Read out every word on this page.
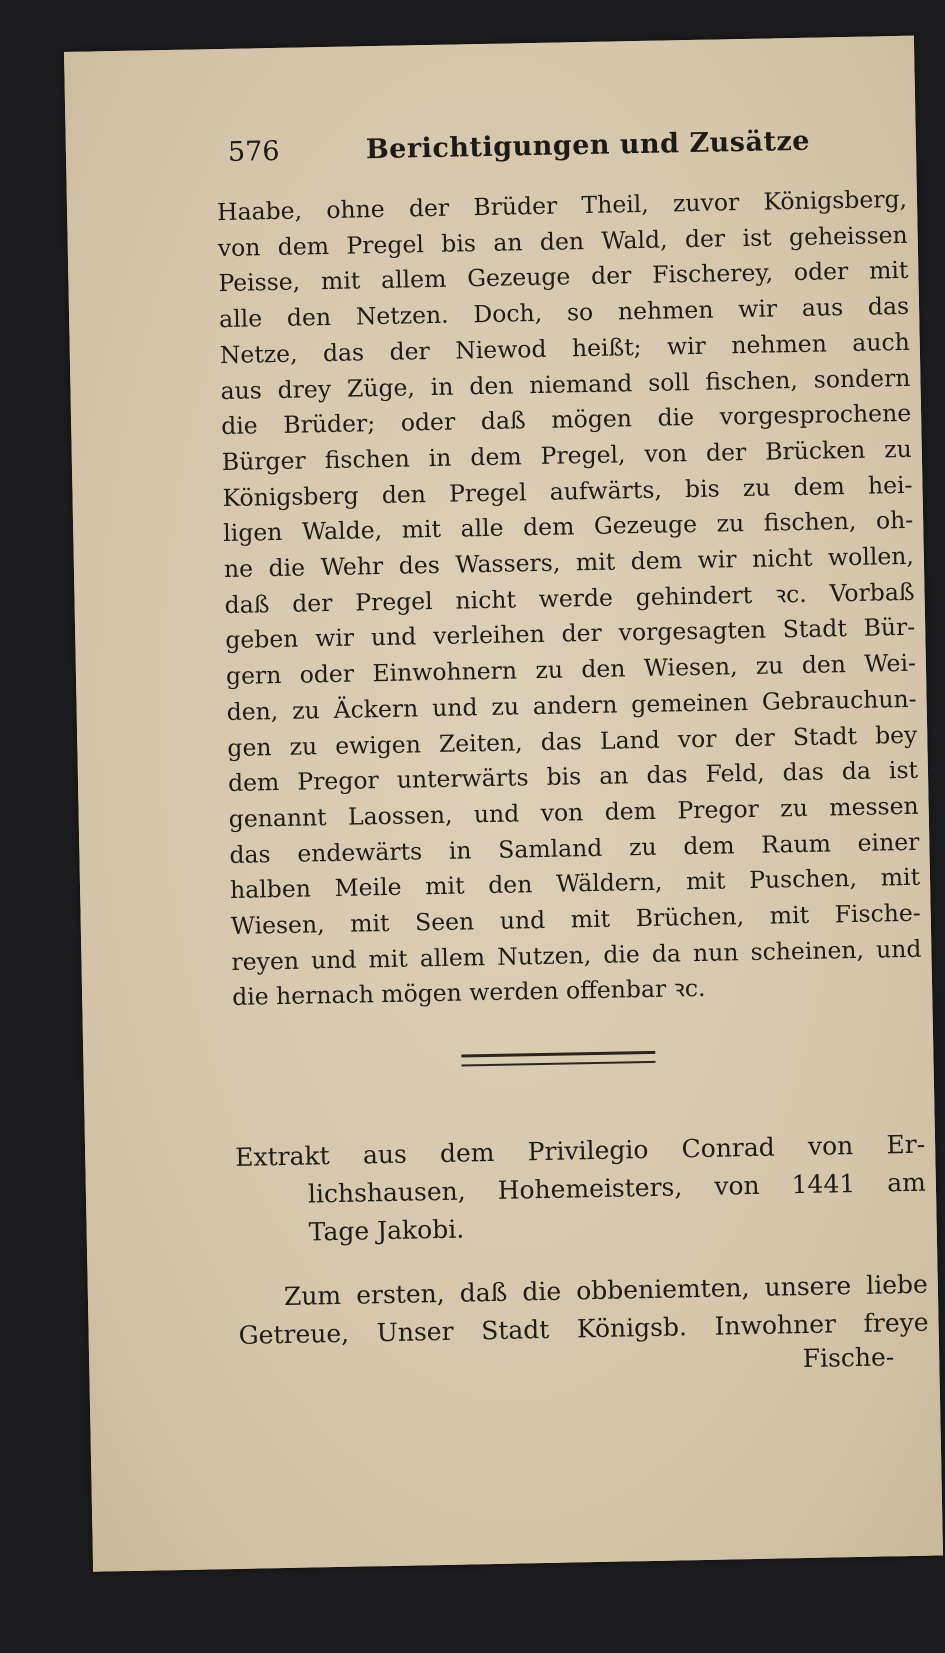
576	Berichtigungen und Zusätze
Haabe, ohne der Brüder Theil, zuvor Königsberg,
von dem Pregel bis an den Wald, der ist geheissen
Peisse, mit allem Gezeuge der Fischerey, oder mit
alle den Netzen. Doch, so nehmen wir aus das
Netze, das der Niewod heißt; wir nehmen auch
aus drey Züge, in den niemand soll fischen, sondern
die Brüder; oder daß mögen die vorgesprochene
Bürger fischen in dem Pregel, von der Brücken zu
Königsberg den Pregel aufwärts, bis zu dem hei-
ligen Walde, mit alle dem Gezeuge zu fischen, oh-
ne die Wehr des Wassers, mit dem wir nicht wollen,
daß der Pregel nicht werde gehindert ꝛc. Vorbaß
geben wir und verleihen der vorgesagten Stadt Bür-
gern oder Einwohnern zu den Wiesen, zu den Wei-
den, zu Äckern und zu andern gemeinen Gebrauchun-
gen zu ewigen Zeiten, das Land vor der Stadt bey
dem Pregor unterwärts bis an das Feld, das da ist
genannt Laossen, und von dem Pregor zu messen
das endewärts in Samland zu dem Raum einer
halben Meile mit den Wäldern, mit Puschen, mit
Wiesen, mit Seen und mit Brüchen, mit Fische-
reyen und mit allem Nutzen, die da nun scheinen, und
die hernach mögen werden offenbar ꝛc.
Extrakt aus dem Privilegio Conrad von Er-
lichshausen, Hohemeisters, von 1441 am
Tage Jakobi.
Zum ersten, daß die obbeniemten, unsere liebe
Getreue, Unser Stadt Königsb. Inwohner freye
Fische-
